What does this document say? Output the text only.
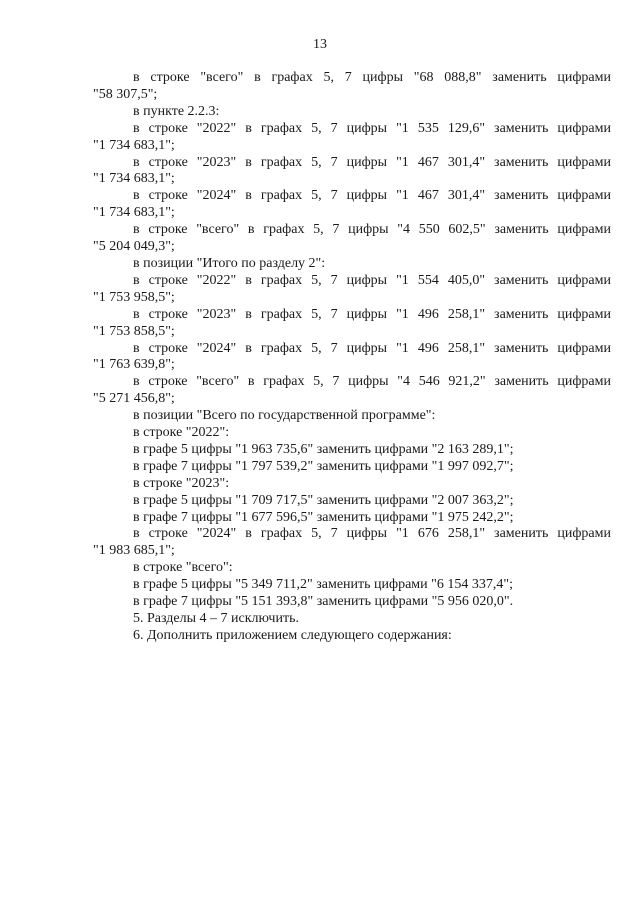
13
в строке "всего" в графах 5, 7 цифры "68 088,8" заменить цифрами
"58 307,5";
в пункте 2.2.3:
в строке "2022" в графах 5, 7 цифры "1 535 129,6" заменить цифрами
"1 734 683,1";
в строке "2023" в графах 5, 7 цифры "1 467 301,4" заменить цифрами
"1 734 683,1";
в строке "2024" в графах 5, 7 цифры "1 467 301,4" заменить цифрами
"1 734 683,1";
в строке "всего" в графах 5, 7 цифры "4 550 602,5" заменить цифрами
"5 204 049,3";
в позиции "Итого по разделу 2":
в строке "2022" в графах 5, 7 цифры "1 554 405,0" заменить цифрами
"1 753 958,5";
в строке "2023" в графах 5, 7 цифры "1 496 258,1" заменить цифрами
"1 753 858,5";
в строке "2024" в графах 5, 7 цифры "1 496 258,1" заменить цифрами
"1 763 639,8";
в строке "всего" в графах 5, 7 цифры "4 546 921,2" заменить цифрами
"5 271 456,8";
в позиции "Всего по государственной программе":
в строке "2022":
в графе 5 цифры "1 963 735,6" заменить цифрами "2 163 289,1";
в графе 7 цифры "1 797 539,2" заменить цифрами "1 997 092,7";
в строке "2023":
в графе 5 цифры "1 709 717,5" заменить цифрами "2 007 363,2";
в графе 7 цифры "1 677 596,5" заменить цифрами "1 975 242,2";
в строке "2024" в графах 5, 7 цифры "1 676 258,1" заменить цифрами
"1 983 685,1";
в строке "всего":
в графе 5 цифры "5 349 711,2" заменить цифрами "6 154 337,4";
в графе 7 цифры "5 151 393,8" заменить цифрами "5 956 020,0".
5. Разделы 4 – 7 исключить.
6. Дополнить приложением следующего содержания:
